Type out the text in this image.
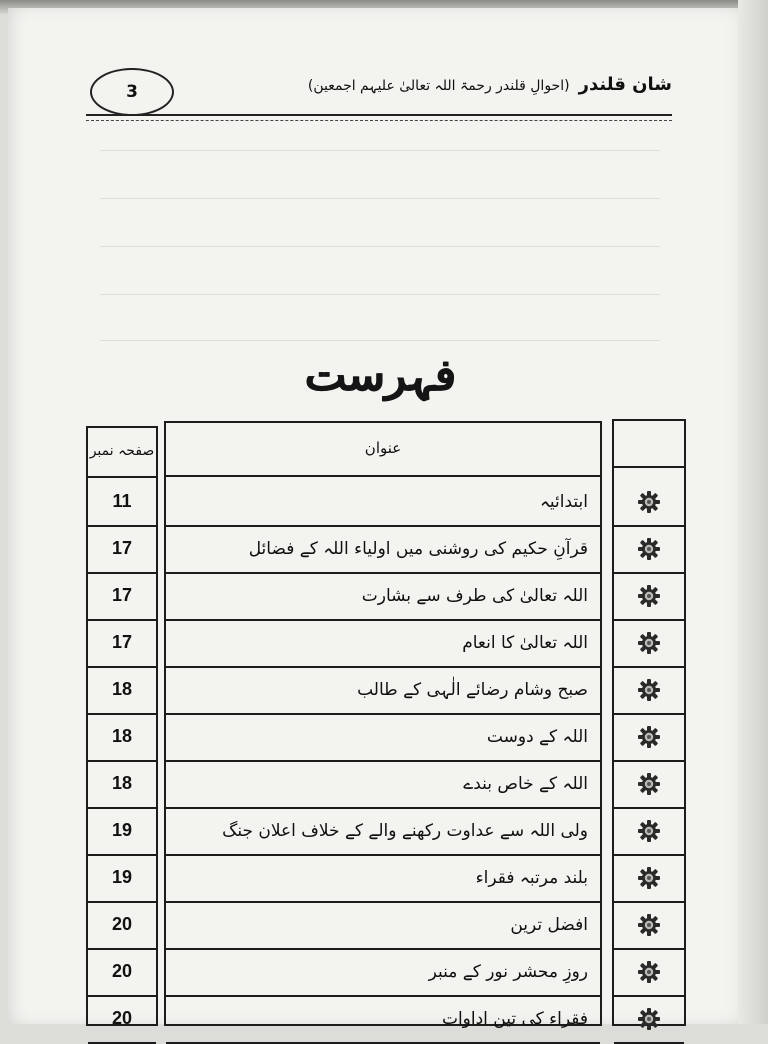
3	شان قلندر (احوالِ قلندر رحمۃ اللہ تعالیٰ علیہم اجمعین)
فہرست
صفحہ نمبر	عنوان
11	ابتدائیہ
17	قرآنِ حکیم کی روشنی میں اولیاء اللہ کے فضائل
17	اللہ تعالیٰ کی طرف سے بشارت
17	اللہ تعالیٰ کا انعام
18	صبح وشام رضائے الٰہی کے طالب
18	اللہ کے دوست
18	اللہ کے خاص بندے
19	ولی اللہ سے عداوت رکھنے والے کے خلاف اعلان جنگ
19	بلند مرتبہ فقراء
20	افضل ترین
20	روزِ محشر نور کے منبر
20	فقراء کی تین اداوات
